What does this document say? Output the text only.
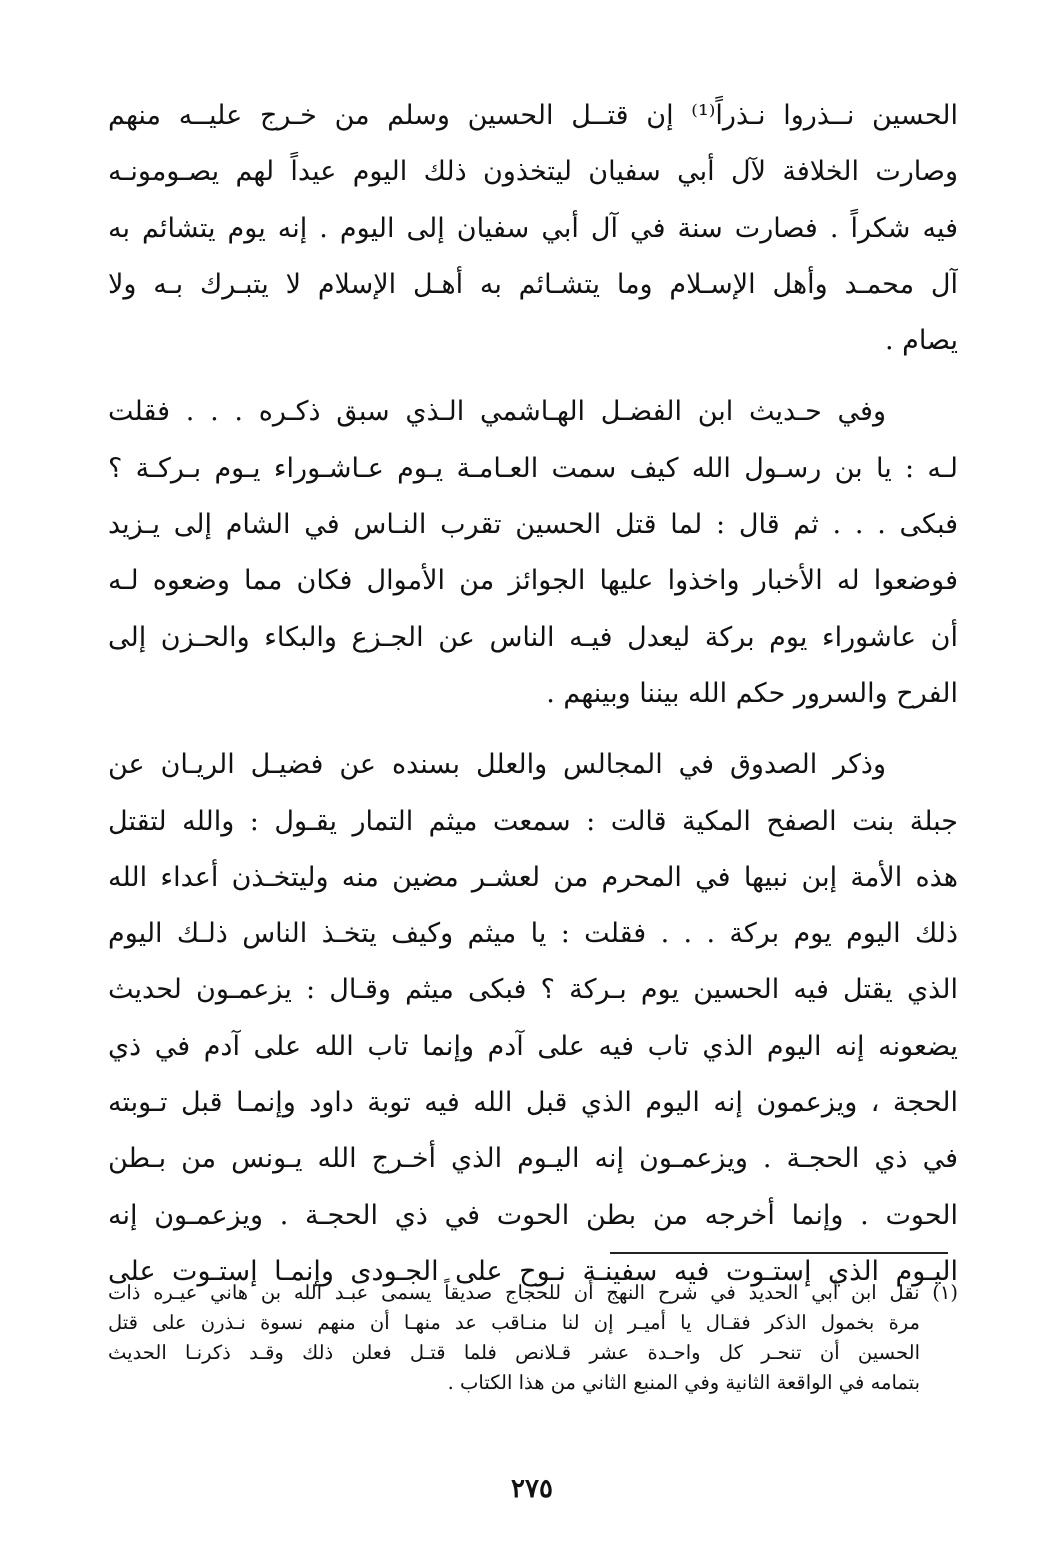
الحسين نــذروا نـذراً⁽¹⁾ إن قتــل الحسين وسلم من خـرج عليــه منهم
وصارت الخلافة لآل أبي سفيان ليتخذون ذلك اليوم عيداً لهم يصـومونـه
فيه شكراً . فصارت سنة في آل أبي سفيان إلى اليوم . إنه يوم يتشائم به
آل محمـد وأهل الإسـلام وما يتشـائم به أهـل الإسلام لا يتبـرك بـه ولا
يصام .
وفي حـديث ابن الفضـل الهـاشمي الـذي سبق ذكـره . . . فقلت
لـه : يا بن رسـول الله كيف سمت العـامـة يـوم عـاشـوراء يـوم بـركـة ؟
فبكى . . . ثم قال : لما قتل الحسين تقرب النـاس في الشام إلى يـزيد
فوضعوا له الأخبار واخذوا عليها الجوائز من الأموال فكان مما وضعوه لـه
أن عاشوراء يوم بركة ليعدل فيـه الناس عن الجـزع والبكاء والحـزن إلى
الفرح والسرور حكم الله بيننا وبينهم .
وذكر الصدوق في المجالس والعلل بسنده عن فضيـل الريـان عن
جبلة بنت الصفح المكية قالت : سمعت ميثم التمار يقـول : والله لتقتل
هذه الأمة إبن نبيها في المحرم من لعشـر مضين منه وليتخـذن أعداء الله
ذلك اليوم يوم بركة . . . فقلت : يا ميثم وكيف يتخـذ الناس ذلـك اليوم
الذي يقتل فيه الحسين يوم بـركة ؟ فبكى ميثم وقـال : يزعمـون لحديث
يضعونه إنه اليوم الذي تاب فيه على آدم وإنما تاب الله على آدم في ذي
الحجة ، ويزعمون إنه اليوم الذي قبل الله فيه توبة داود وإنمـا قبل تـوبته
في ذي الحجـة . ويزعمـون إنه اليـوم الذي أخـرج الله يـونس من بـطن
الحوت . وإنما أخرجه من بطن الحوت في ذي الحجـة . ويزعمـون إنه
اليـوم الذي إستـوت فيه سفينـة نـوح على الجـودى وإنمـا إستـوت على
(١) نقل ابن أبي الحديد في شرح النهج أن للحجاج صديقاً يسمى عبـد الله بن هاني عيـره ذات
مرة بخمول الذكر فقـال يا أميـر إن لنا منـاقب عد منهـا أن منهم نسوة نـذرن على قتل
الحسين أن تنحـر كل واحـدة عشر قـلانص فلما قتـل فعلن ذلك وقـد ذكرنـا الحديث
بتمامه في الواقعة الثانية وفي المنبع الثاني من هذا الكتاب .
٢٧٥
